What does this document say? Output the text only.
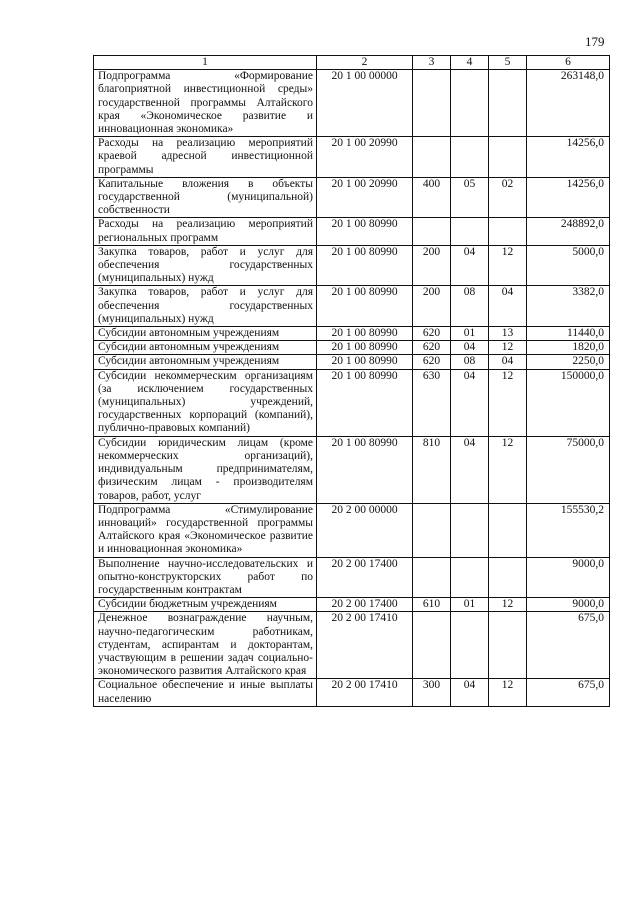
179
1	2	3	4	5	6
Подпрограмма «Формирование благоприятной инвестиционной среды» государственной программы Алтайского края «Экономическое развитие и инновационная экономика»	20 1 00 00000				263148,0
Расходы на реализацию мероприятий краевой адресной инвестиционной программы	20 1 00 20990				14256,0
Капитальные вложения в объекты государственной (муниципальной) собственности	20 1 00 20990	400	05	02	14256,0
Расходы на реализацию мероприятий региональных программ	20 1 00 80990				248892,0
Закупка товаров, работ и услуг для обеспечения государственных (муниципальных) нужд	20 1 00 80990	200	04	12	5000,0
Закупка товаров, работ и услуг для обеспечения государственных (муниципальных) нужд	20 1 00 80990	200	08	04	3382,0
Субсидии автономным учреждениям	20 1 00 80990	620	01	13	11440,0
Субсидии автономным учреждениям	20 1 00 80990	620	04	12	1820,0
Субсидии автономным учреждениям	20 1 00 80990	620	08	04	2250,0
Субсидии некоммерческим организациям (за исключением государственных (муниципальных) учреждений, государственных корпораций (компаний), публично-правовых компаний)	20 1 00 80990	630	04	12	150000,0
Субсидии юридическим лицам (кроме некоммерческих организаций), индивидуальным предпринимателям, физическим лицам - производителям товаров, работ, услуг	20 1 00 80990	810	04	12	75000,0
Подпрограмма «Стимулирование инноваций» государственной программы Алтайского края «Экономическое развитие и инновационная экономика»	20 2 00 00000				155530,2
Выполнение научно-исследовательских и опытно-конструкторских работ по государственным контрактам	20 2 00 17400				9000,0
Субсидии бюджетным учреждениям	20 2 00 17400	610	01	12	9000,0
Денежное вознаграждение научным, научно-педагогическим работникам, студентам, аспирантам и докторантам, участвующим в решении задач социально-экономического развития Алтайского края	20 2 00 17410				675,0
Социальное обеспечение и иные выплаты населению	20 2 00 17410	300	04	12	675,0
